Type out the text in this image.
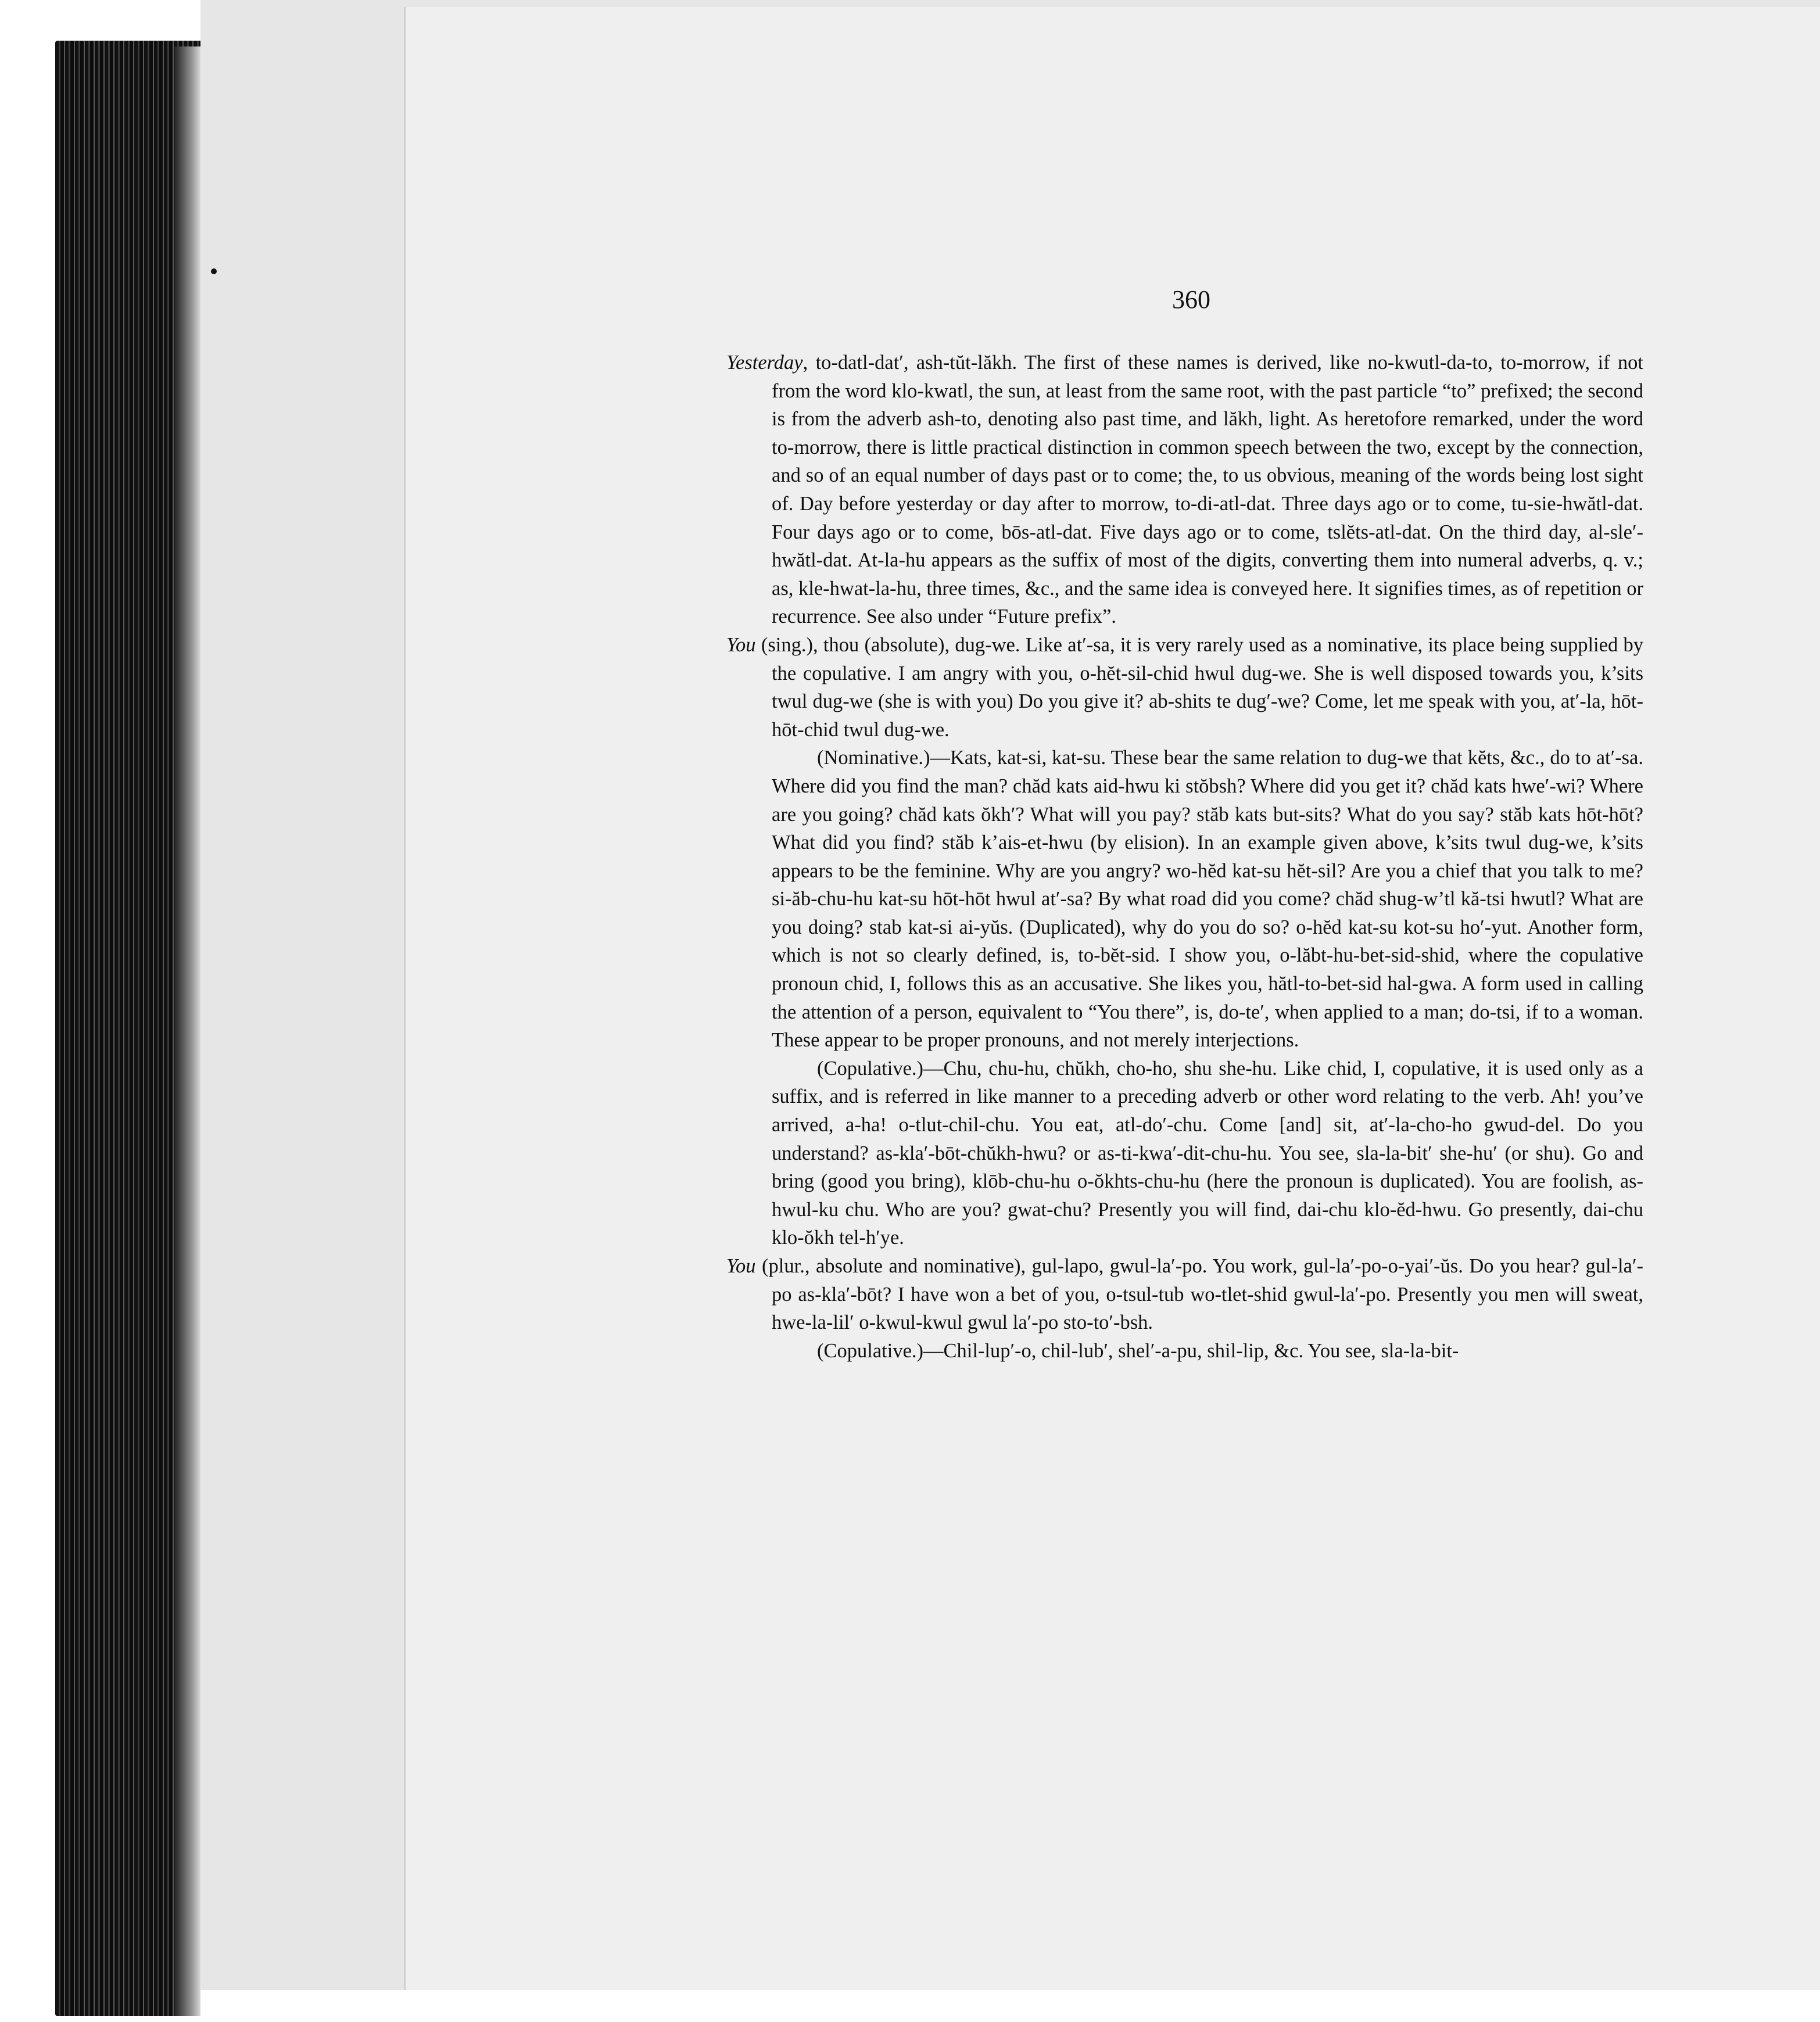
360

Yesterday, to-datl-dat′, ash-tŭt-lăkh. The first of these names is derived, like no-kwutl-da-to, to-morrow, if not from the word klo-kwatl, the sun, at least from the same root, with the past particle “to” prefixed; the second is from the adverb ash-to, denoting also past time, and lăkh, light. As heretofore remarked, under the word to-morrow, there is little practical distinction in common speech between the two, except by the connection, and so of an equal number of days past or to come; the, to us obvious, meaning of the words being lost sight of. Day before yesterday or day after to morrow, to-di-atl-dat. Three days ago or to come, tu-sie-hwătl-dat. Four days ago or to come, bōs-atl-dat. Five days ago or to come, tslĕts-atl-dat. On the third day, al-sle′-hwătl-dat. At-la-hu appears as the suffix of most of the digits, converting them into numeral adverbs, q. v.; as, kle-hwat-la-hu, three times, &c., and the same idea is conveyed here. It signifies times, as of repetition or recurrence. See also under “Future prefix”.

You (sing.), thou (absolute), dug-we. Like at′-sa, it is very rarely used as a nominative, its place being supplied by the copulative. I am angry with you, o-hĕt-sil-chid hwul dug-we. She is well disposed towards you, k’sits twul dug-we (she is with you) Do you give it? ab-shits te dug′-we? Come, let me speak with you, at′-la, hōt-hōt-chid twul dug-we.

(Nominative.)—Kats, kat-si, kat-su. These bear the same relation to dug-we that kĕts, &c., do to at′-sa. Where did you find the man? chăd kats aid-hwu ki stŏbsh? Where did you get it? chăd kats hwe′-wi? Where are you going? chăd kats ŏkh′? What will you pay? stăb kats but-sits? What do you say? stăb kats hōt-hōt? What did you find? stăb k’ais-et-hwu (by elision). In an example given above, k’sits twul dug-we, k’sits appears to be the feminine. Why are you angry? wo-hĕd kat-su hĕt-sil? Are you a chief that you talk to me? si-ăb-chu-hu kat-su hōt-hōt hwul at′-sa? By what road did you come? chăd shug-w’tl kă-tsi hwutl? What are you doing? stab kat-si ai-yŭs. (Duplicated), why do you do so? o-hĕd kat-su kot-su ho′-yut. Another form, which is not so clearly defined, is, to-bĕt-sid. I show you, o-lăbt-hu-bet-sid-shid, where the copulative pronoun chid, I, follows this as an accusative. She likes you, hătl-to-bet-sid hal-gwa. A form used in calling the attention of a person, equivalent to “You there”, is, do-te′, when applied to a man; do-tsi, if to a woman. These appear to be proper pronouns, and not merely interjections.

(Copulative.)—Chu, chu-hu, chŭkh, cho-ho, shu she-hu. Like chid, I, copulative, it is used only as a suffix, and is referred in like manner to a preceding adverb or other word relating to the verb. Ah! you’ve arrived, a-ha! o-tlut-chil-chu. You eat, atl-do′-chu. Come [and] sit, at′-la-cho-ho gwud-del. Do you understand? as-kla′-bōt-chŭkh-hwu? or as-ti-kwa′-dit-chu-hu. You see, sla-la-bit′ she-hu′ (or shu). Go and bring (good you bring), klōb-chu-hu o-ŏkhts-chu-hu (here the pronoun is duplicated). You are foolish, as-hwul-ku chu. Who are you? gwat-chu? Presently you will find, dai-chu klo-ĕd-hwu. Go presently, dai-chu klo-ŏkh tel-h′ye.

You (plur., absolute and nominative), gul-lapo, gwul-la′-po. You work, gul-la′-po-o-yai′-ŭs. Do you hear? gul-la′-po as-kla′-bōt? I have won a bet of you, o-tsul-tub wo-tlet-shid gwul-la′-po. Presently you men will sweat, hwe-la-lil′ o-kwul-kwul gwul la′-po sto-to′-bsh.

(Copulative.)—Chil-lup′-o, chil-lub′, shel′-a-pu, shil-lip, &c. You see, sla-la-bit-
